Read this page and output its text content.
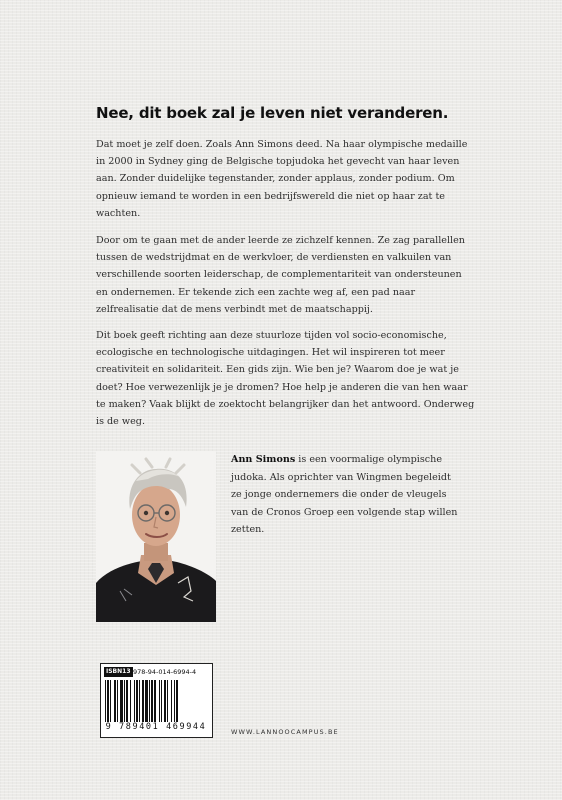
Nee, dit boek zal je leven niet veranderen.

Dat moet je zelf doen. Zoals Ann Simons deed. Na haar olympische medaille in 2000 in Sydney ging de Belgische topjudoka het gevecht van haar leven aan. Zonder duidelijke tegenstander, zonder applaus, zonder podium. Om opnieuw iemand te worden in een bedrijfswereld die niet op haar zat te wachten.

Door om te gaan met de ander leerde ze zichzelf kennen. Ze zag parallellen tussen de wedstrijdmat en de werkvloer, de verdiensten en valkuilen van verschillende soorten leiderschap, de complementariteit van ondersteunen en ondernemen. Er tekende zich een zachte weg af, een pad naar zelfrealisatie dat de mens verbindt met de maatschappij.

Dit boek geeft richting aan deze stuurloze tijden vol socio-economische, ecologische en technologische uitdagingen. Het wil inspireren tot meer creativiteit en solidariteit. Een gids zijn. Wie ben je? Waarom doe je wat je doet? Hoe verwezenlijk je je dromen? Hoe help je anderen die van hen waar te maken? Vaak blijkt de zoektocht belangrijker dan het antwoord. Onderweg is de weg.

Ann Simons is een voormalige olympische judoka. Als oprichter van Wingmen begeleidt ze jonge ondernemers die onder de vleugels van de Cronos Groep een volgende stap willen zetten.

ISBN13 978-94-014-6994-4
9 789401 469944	WWW.LANNOOCAMPUS.BE
